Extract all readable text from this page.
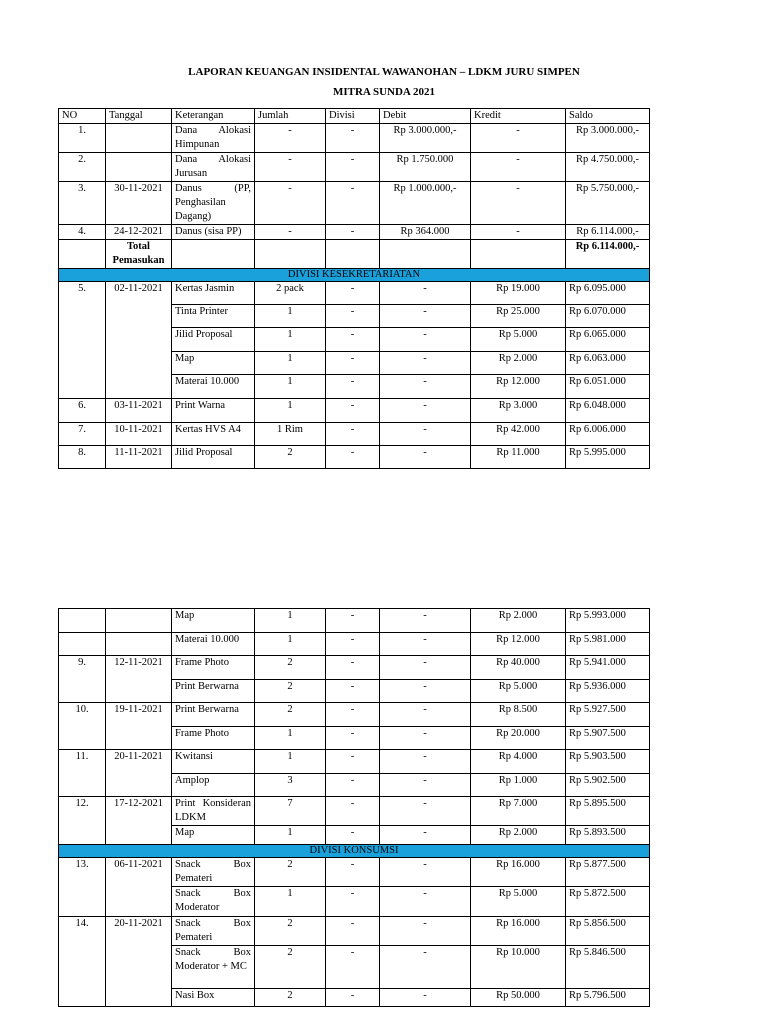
LAPORAN KEUANGAN INSIDENTAL WAWANOHAN – LDKM JURU SIMPEN
MITRA SUNDA 2021
NO	Tanggal	Keterangan	Jumlah	Divisi	Debit	Kredit	Saldo
1.		Dana Alokasi Himpunan	-	-	Rp 3.000.000,-	-	Rp 3.000.000,-
2.		Dana Alokasi Jurusan	-	-	Rp 1.750.000	-	Rp 4.750.000,-
3.	30-11-2021	Danus (PP, Penghasilan Dagang)	-	-	Rp 1.000.000,-	-	Rp 5.750.000,-
4.	24-12-2021	Danus (sisa PP)	-	-	Rp 364.000	-	Rp 6.114.000,-
	Total Pemasukan						Rp 6.114.000,-
DIVISI KESEKRETARIATAN							
5.	02-11-2021	Kertas Jasmin	2 pack	-	-	Rp 19.000	Rp 6.095.000
		Tinta Printer	1	-	-	Rp 25.000	Rp 6.070.000
		Jilid Proposal	1	-	-	Rp 5.000	Rp 6.065.000
		Map	1	-	-	Rp 2.000	Rp 6.063.000
		Materai 10.000	1	-	-	Rp 12.000	Rp 6.051.000
6.	03-11-2021	Print Warna	1	-	-	Rp 3.000	Rp 6.048.000
7.	10-11-2021	Kertas HVS A4	1 Rim	-	-	Rp 42.000	Rp 6.006.000
8.	11-11-2021	Jilid Proposal	2	-	-	Rp 11.000	Rp 5.995.000
		Map	1	-	-	Rp 2.000	Rp 5.993.000
		Materai 10.000	1	-	-	Rp 12.000	Rp 5.981.000
9.	12-11-2021	Frame Photo	2	-	-	Rp 40.000	Rp 5.941.000
		Print Berwarna	2	-	-	Rp 5.000	Rp 5.936.000
10.	19-11-2021	Print Berwarna	2	-	-	Rp 8.500	Rp 5.927.500
		Frame Photo	1	-	-	Rp 20.000	Rp 5.907.500
11.	20-11-2021	Kwitansi	1	-	-	Rp 4.000	Rp 5.903.500
		Amplop	3	-	-	Rp 1.000	Rp 5.902.500
12.	17-12-2021	Print Konsideran LDKM	7	-	-	Rp 7.000	Rp 5.895.500
		Map	1	-	-	Rp 2.000	Rp 5.893.500
DIVISI KONSUMSI							
13.	06-11-2021	Snack Box Pemateri	2	-	-	Rp 16.000	Rp 5.877.500
		Snack Box Moderator	1	-	-	Rp 5.000	Rp 5.872.500
14.	20-11-2021	Snack Box Pemateri	2	-	-	Rp 16.000	Rp 5.856.500
		Snack Box Moderator + MC	2	-	-	Rp 10.000	Rp 5.846.500
		Nasi Box	2	-	-	Rp 50.000	Rp 5.796.500
